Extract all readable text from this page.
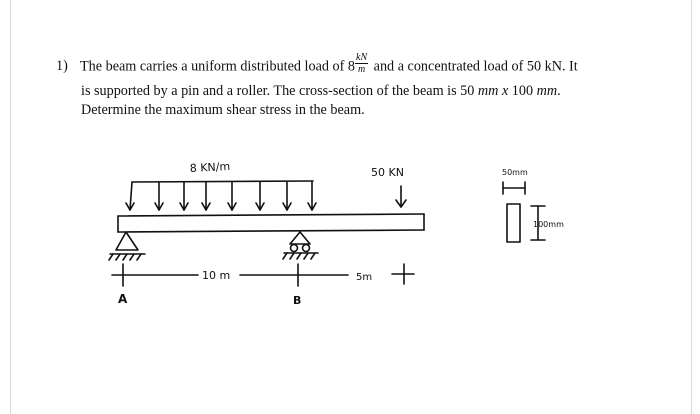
1) The beam carries a uniform distributed load of $8 \frac{kN}{m}$ and a concentrated load of 50 kN. It
is supported by a pin and a roller. The cross-section of the beam is 50 mm x 100 mm.
Determine the maximum shear stress in the beam.
8 KN/m	50 KN
10 m	5m
A	B
50mm
100mm
